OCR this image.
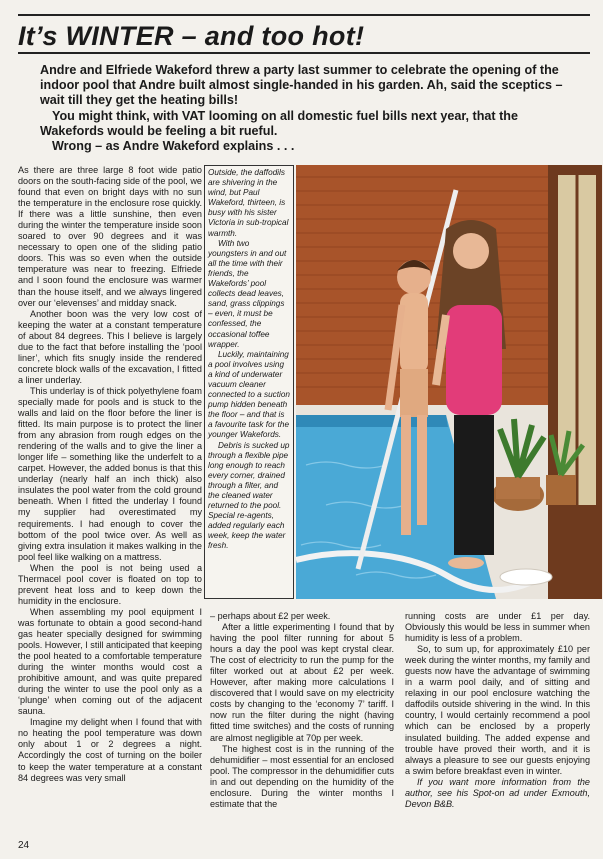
It’s WINTER – and too hot!

Andre and Elfriede Wakeford threw a party last summer to celebrate the opening of the indoor pool that Andre built almost single-handed in his garden. Ah, said the sceptics – wait till they get the heating bills!

You might think, with VAT looming on all domestic fuel bills next year, that the Wakefords would be feeling a bit rueful.

Wrong – as Andre Wakeford explains . . .

As there are three large 8 foot wide patio doors on the south-facing side of the pool, we found that even on bright days with no sun the temperature in the enclosure rose quickly. If there was a little sunshine, then even during the winter the temperature inside soon soared to over 90 degrees and it was necessary to open one of the sliding patio doors. This was so even when the outside temperature was near to freezing. Elfriede and I soon found the enclosure was warmer than the house itself, and we always lingered over our ‘elevenses’ and midday snack.

Another boon was the very low cost of keeping the water at a constant temperature of about 84 degrees. This I believe is largely due to the fact that before installing the ‘pool liner’, which fits snugly inside the rendered concrete block walls of the excavation, I fitted a liner underlay.

This underlay is of thick polyethylene foam specially made for pools and is stuck to the walls and laid on the floor before the liner is fitted. Its main purpose is to protect the liner from any abrasion from rough edges on the rendering of the walls and to give the liner a longer life – something like the underfelt to a carpet. However, the added bonus is that this underlay (nearly half an inch thick) also insulates the pool water from the cold ground beneath. When I fitted the underlay I found my supplier had overestimated my requirements. I had enough to cover the bottom of the pool twice over. As well as giving extra insulation it makes walking in the pool feel like walking on a mattress.

When the pool is not being used a Thermacel pool cover is floated on top to prevent heat loss and to keep down the humidity in the enclosure.

When assembling my pool equipment I was fortunate to obtain a good second-hand gas heater specially designed for swimming pools. However, I still anticipated that keeping the pool heated to a comfortable temperature during the winter months would cost a prohibitive amount, and was quite prepared during the winter to use the pool only as a ‘plunge’ when coming out of the adjacent sauna.

Imagine my delight when I found that with no heating the pool temperature was down only about 1 or 2 degrees a night. Accordingly the cost of turning on the boiler to keep the water temperature at a constant 84 degrees was very small

Outside, the daffodils are shivering in the wind, but Paul Wakeford, thirteen, is busy with his sister Victoria in sub-tropical warmth.

With two youngsters in and out all the time with their friends, the Wakefords’ pool collects dead leaves, sand, grass clippings – even, it must be confessed, the occasional toffee wrapper.

Luckily, maintaining a pool involves using a kind of underwater vacuum cleaner connected to a suction pump hidden beneath the floor – and that is a favourite task for the younger Wakefords.

Debris is sucked up through a flexible pipe long enough to reach every corner, drained through a filter, and the cleaned water returned to the pool. Special re-agents, added regularly each week, keep the water fresh.

– perhaps about £2 per week.

After a little experimenting I found that by having the pool filter running for about 5 hours a day the pool was kept crystal clear. The cost of electricity to run the pump for the filter worked out at about £2 per week. However, after making more calculations I discovered that I would save on my electricity costs by changing to the ‘economy 7’ tariff. I now run the filter during the night (having fitted time switches) and the costs of running are almost negligible at 70p per week.

The highest cost is in the running of the dehumidifier – most essential for an enclosed pool. The compressor in the dehumidifier cuts in and out depending on the humidity of the enclosure. During the winter months I estimate that the

running costs are under £1 per day. Obviously this would be less in summer when humidity is less of a problem.

So, to sum up, for approximately £10 per week during the winter months, my family and guests now have the advantage of swimming in a warm pool daily, and of sitting and relaxing in our pool enclosure watching the daffodils outside shivering in the wind. In this country, I would certainly recommend a pool which can be enclosed by a properly insulated building. The added expense and trouble have proved their worth, and it is always a pleasure to see our guests enjoying a swim before breakfast even in winter.

If you want more information from the author, see his Spot-on ad under Exmouth, Devon B&B.

24
